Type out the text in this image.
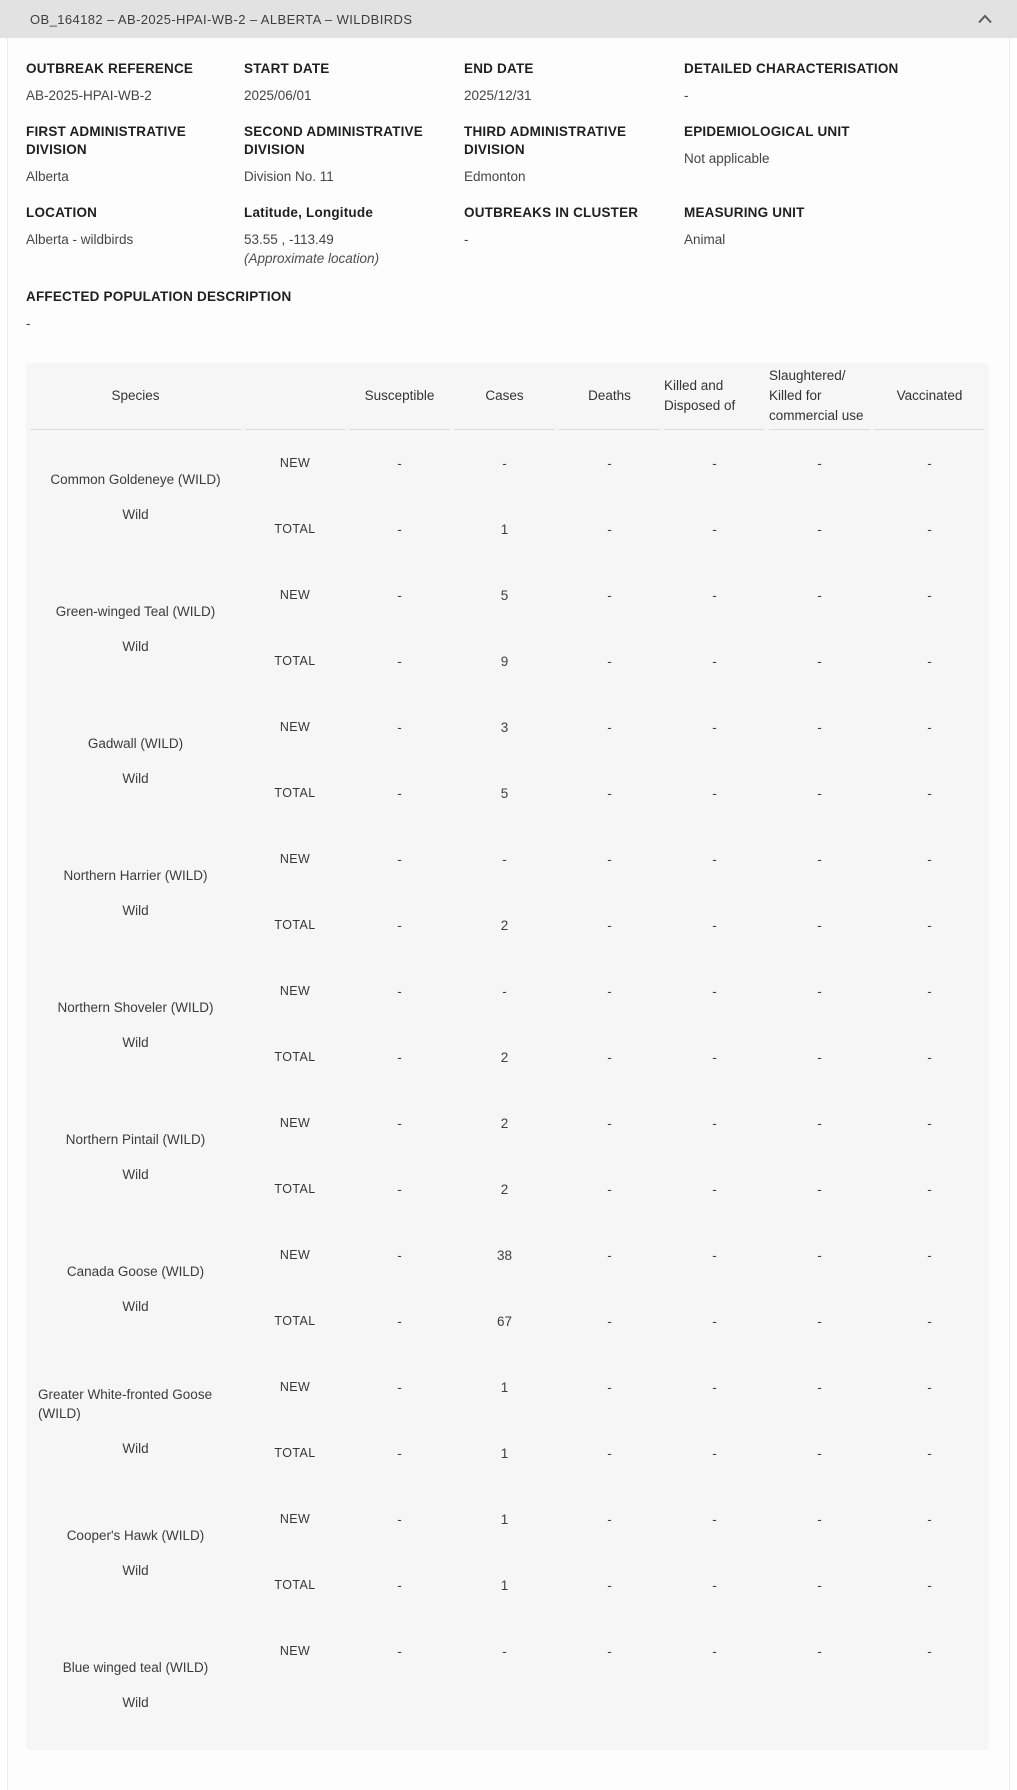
OB_164182 – AB-2025-HPAI-WB-2 – ALBERTA – WILDBIRDS
OUTBREAK REFERENCE
AB-2025-HPAI-WB-2
START DATE
2025/06/01
END DATE
2025/12/31
DETAILED CHARACTERISATION
-
FIRST ADMINISTRATIVE DIVISION
Alberta
SECOND ADMINISTRATIVE DIVISION
Division No. 11
THIRD ADMINISTRATIVE DIVISION
Edmonton
EPIDEMIOLOGICAL UNIT
Not applicable
LOCATION
Alberta - wildbirds
Latitude, Longitude
53.55 , -113.49
(Approximate location)
OUTBREAKS IN CLUSTER
-
MEASURING UNIT
Animal
AFFECTED POPULATION DESCRIPTION
-
Species		Susceptible	Cases	Deaths	Killed and Disposed of	Slaughtered/ Killed for commercial use	Vaccinated

Common Goldeneye (WILD)
Wild	NEW	-	-	-	-	-	-
	TOTAL	-	1	-	-	-	-

Green-winged Teal (WILD)
Wild	NEW	-	5	-	-	-	-
	TOTAL	-	9	-	-	-	-

Gadwall (WILD)
Wild	NEW	-	3	-	-	-	-
	TOTAL	-	5	-	-	-	-

Northern Harrier (WILD)
Wild	NEW	-	-	-	-	-	-
	TOTAL	-	2	-	-	-	-

Northern Shoveler (WILD)
Wild	NEW	-	-	-	-	-	-
	TOTAL	-	2	-	-	-	-

Northern Pintail (WILD)
Wild	NEW	-	2	-	-	-	-
	TOTAL	-	2	-	-	-	-

Canada Goose (WILD)
Wild	NEW	-	38	-	-	-	-
	TOTAL	-	67	-	-	-	-

Greater White-fronted Goose (WILD)
Wild	NEW	-	1	-	-	-	-
	TOTAL	-	1	-	-	-	-

Cooper's Hawk (WILD)
Wild	NEW	-	1	-	-	-	-
	TOTAL	-	1	-	-	-	-

Blue winged teal (WILD)
Wild	NEW	-	-	-	-	-	-
